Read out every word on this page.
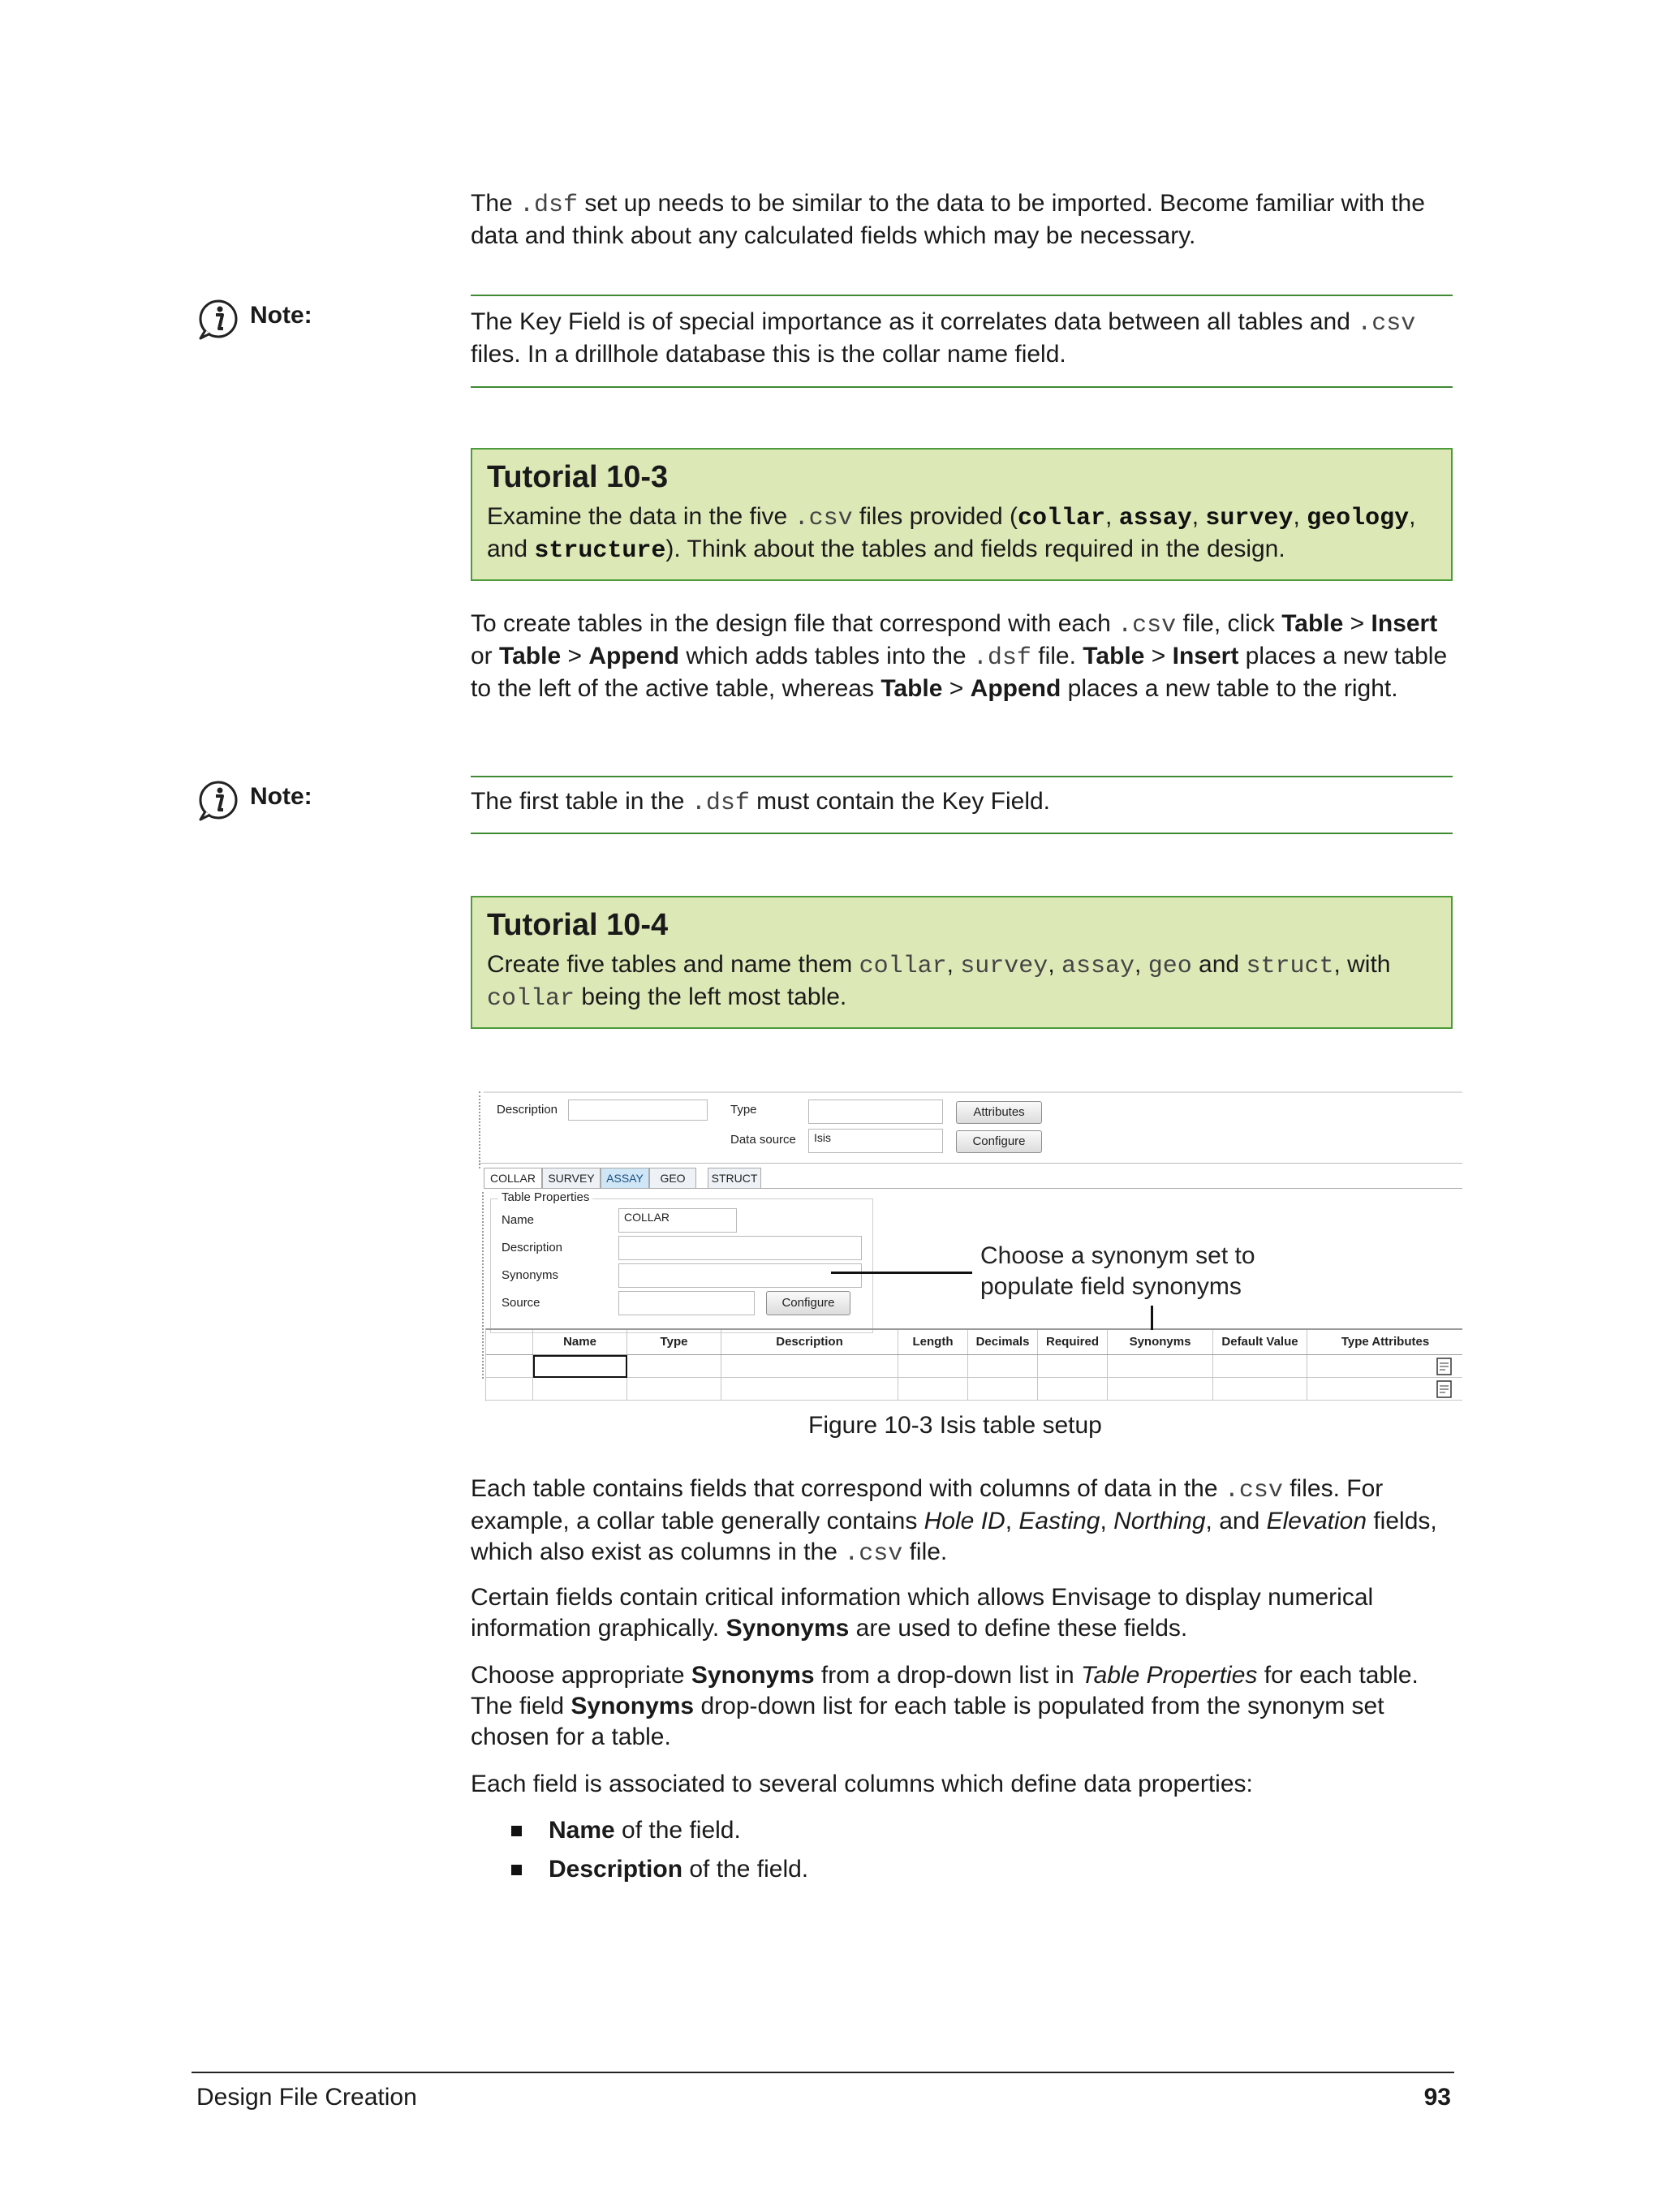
The .dsf set up needs to be similar to the data to be imported. Become familiar with the data and think about any calculated fields which may be necessary.

Note:	The Key Field is of special importance as it correlates data between all tables and .csv files. In a drillhole database this is the collar name field.

Tutorial 10-3

Examine the data in the five .csv files provided (collar, assay, survey, geology, and structure). Think about the tables and fields required in the design.

To create tables in the design file that correspond with each .csv file, click Table > Insert or Table > Append which adds tables into the .dsf file. Table > Insert places a new table to the left of the active table, whereas Table > Append places a new table to the right.

Note:	The first table in the .dsf must contain the Key Field.

Tutorial 10-4

Create five tables and name them collar, survey, assay, geo and struct, with collar being the left most table.

Description	Type	Attributes
Data source	Isis	Configure
COLLAR	SURVEY	ASSAY	GEO	STRUCT
Table Properties
Name	COLLAR
Description
Synonyms
Source	Configure
Name	Type	Description	Length	Decimals	Required	Synonyms	Default Value	Type Attributes
Choose a synonym set to populate field synonyms
Figure 10-3 Isis table setup

Each table contains fields that correspond with columns of data in the .csv files. For example, a collar table generally contains Hole ID, Easting, Northing, and Elevation fields, which also exist as columns in the .csv file.

Certain fields contain critical information which allows Envisage to display numerical information graphically. Synonyms are used to define these fields.

Choose appropriate Synonyms from a drop-down list in Table Properties for each table. The field Synonyms drop-down list for each table is populated from the synonym set chosen for a table.

Each field is associated to several columns which define data properties:

Name of the field.

Description of the field.

Design File Creation	93
